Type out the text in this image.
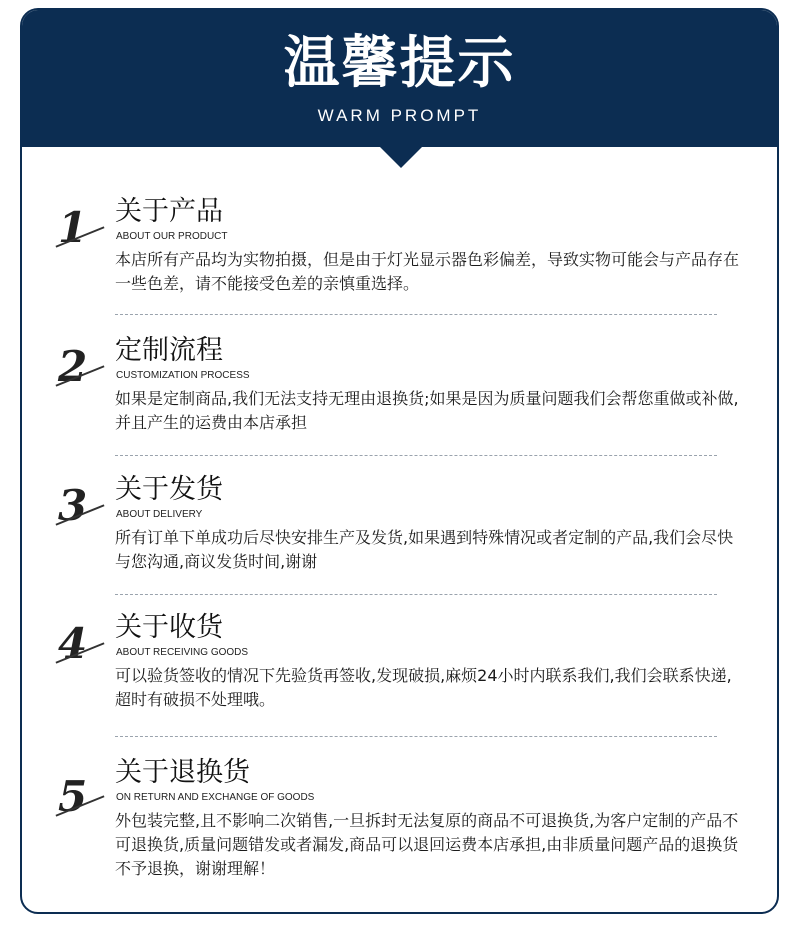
温馨提示
WARM PROMPT
1	关于产品
ABOUT OUR PRODUCT
本店所有产品均为实物拍摄，但是由于灯光显示器色彩偏差，导致实物可能会与产品存在一些色差，请不能接受色差的亲慎重选择。
2	定制流程
CUSTOMIZATION PROCESS
如果是定制商品,我们无法支持无理由退换货;如果是因为质量问题我们会帮您重做或补做,并且产生的运费由本店承担
3	关于发货
ABOUT DELIVERY
所有订单下单成功后尽快安排生产及发货,如果遇到特殊情况或者定制的产品,我们会尽快与您沟通,商议发货时间,谢谢
4	关于收货
ABOUT RECEIVING GOODS
可以验货签收的情况下先验货再签收,发现破损,麻烦24小时内联系我们,我们会联系快递,超时有破损不处理哦。
5	关于退换货
ON RETURN AND EXCHANGE OF GOODS
外包装完整,且不影响二次销售,一旦拆封无法复原的商品不可退换货,为客户定制的产品不可退换货,质量问题错发或者漏发,商品可以退回运费本店承担,由非质量问题产品的退换货不予退换，谢谢理解！
